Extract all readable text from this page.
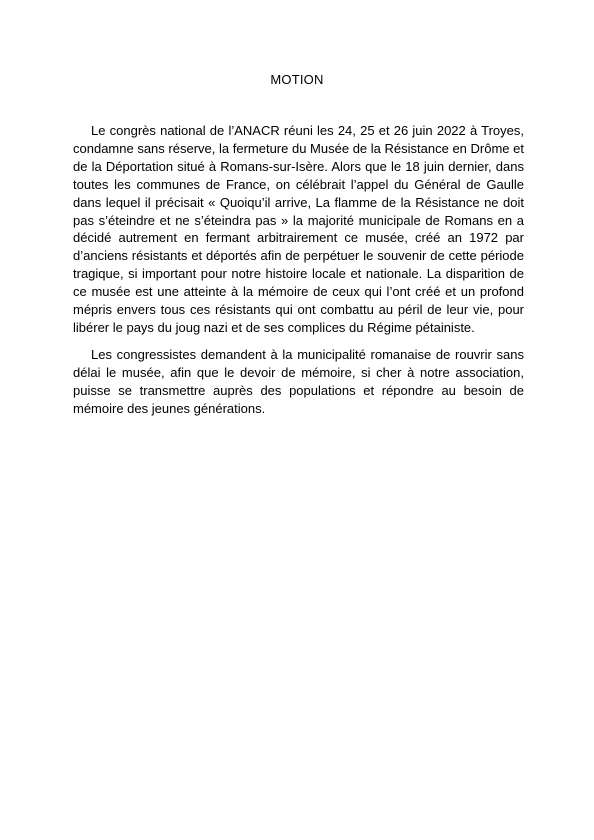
MOTION

Le congrès national de l’ANACR réuni les 24, 25 et 26 juin 2022 à Troyes, condamne sans réserve, la fermeture du Musée de la Résistance en Drôme et de la Déportation situé à Romans-sur-Isère. Alors que le 18 juin dernier, dans toutes les communes de France, on célébrait l’appel du Général de Gaulle dans lequel il précisait « Quoiqu’il arrive, La flamme de la Résistance ne doit pas s’éteindre et ne s’éteindra pas » la majorité municipale de Romans en a décidé autrement en fermant arbitrairement ce musée, créé an 1972 par d’anciens résistants et déportés afin de perpétuer le souvenir de cette période tragique, si important pour notre histoire locale et nationale. La disparition de ce musée est une atteinte à la mémoire de ceux qui l’ont créé et un profond mépris envers tous ces résistants qui ont combattu au péril de leur vie, pour libérer le pays du joug nazi et de ses complices du Régime pétainiste.

Les congressistes demandent à la municipalité romanaise de rouvrir sans délai le musée, afin que le devoir de mémoire, si cher à notre association, puisse se transmettre auprès des populations et répondre au besoin de mémoire des jeunes générations.
